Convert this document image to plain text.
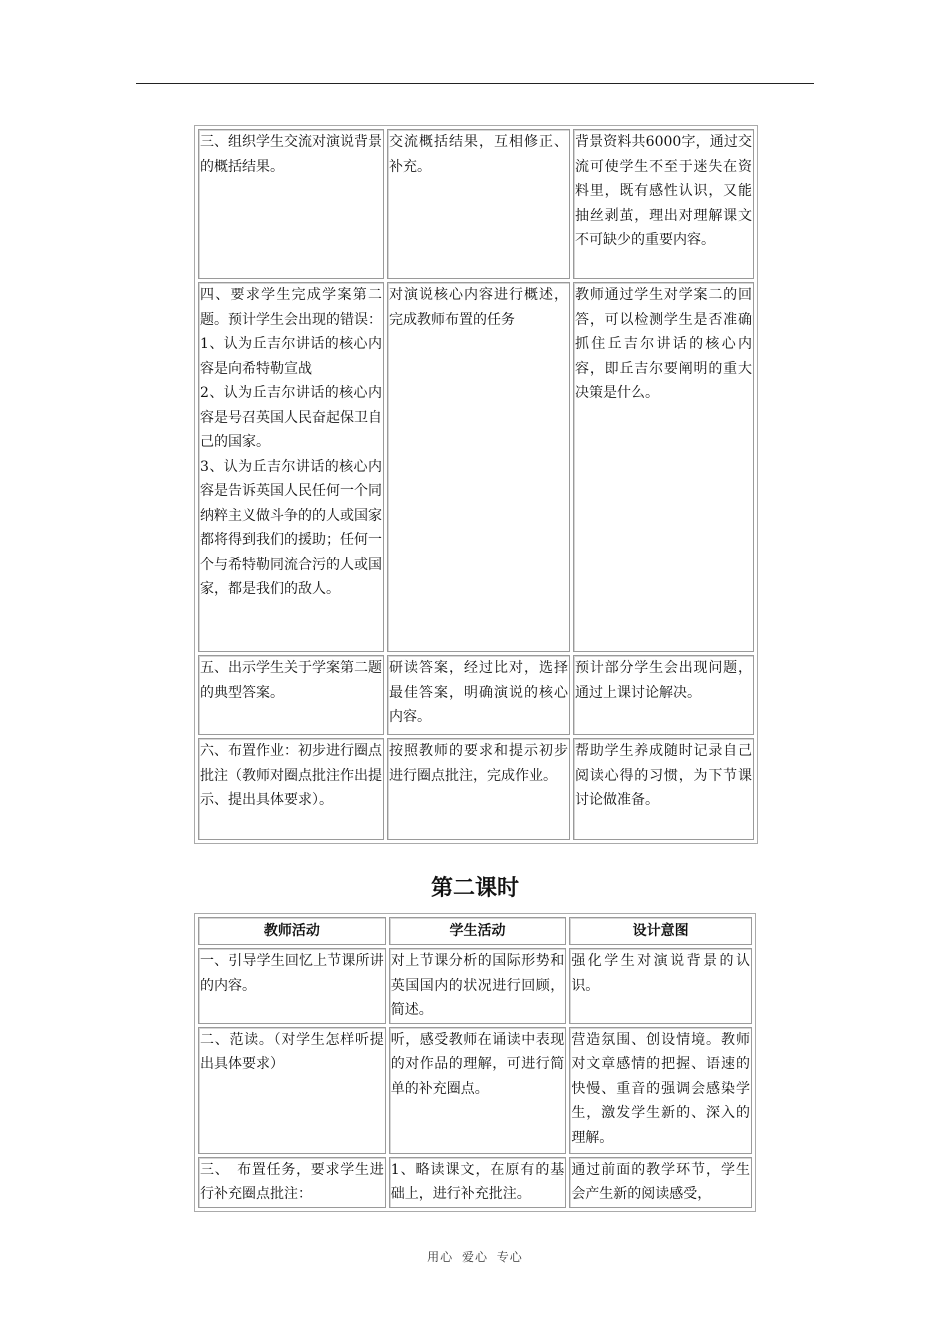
三、组织学生交流对演说背景的概括结果。	交流概括结果，互相修正、补充。	背景资料共6000字，通过交流可使学生不至于迷失在资料里，既有感性认识，又能抽丝剥茧，理出对理解课文不可缺少的重要内容。

四、要求学生完成学案第二题。预计学生会出现的错误：
1、认为丘吉尔讲话的核心内容是向希特勒宣战
2、认为丘吉尔讲话的核心内容是号召英国人民奋起保卫自己的国家。
3、认为丘吉尔讲话的核心内容是告诉英国人民任何一个同纳粹主义做斗争的的人或国家都将得到我们的援助；任何一个与希特勒同流合污的人或国家，都是我们的敌人。	对演说核心内容进行概述，完成教师布置的任务	教师通过学生对学案二的回答，可以检测学生是否准确抓住丘吉尔讲话的核心内容，即丘吉尔要阐明的重大决策是什么。
五、出示学生关于学案第二题的典型答案。	研读答案，经过比对，选择最佳答案，明确演说的核心内容。	预计部分学生会出现问题，通过上课讨论解决。
六、布置作业：初步进行圈点批注（教师对圈点批注作出提示、提出具体要求）。	按照教师的要求和提示初步进行圈点批注，完成作业。	帮助学生养成随时记录自己阅读心得的习惯，为下节课讨论做准备。
第二课时
教师活动	学生活动	设计意图
一、引导学生回忆上节课所讲的内容。	对上节课分析的国际形势和英国国内的状况进行回顾，简述。	强化学生对演说背景的认识。
二、范读。（对学生怎样听提出具体要求）	听，感受教师在诵读中表现的对作品的理解，可进行简单的补充圈点。	营造氛围、创设情境。教师对文章感情的把握、语速的快慢、重音的强调会感染学生，激发学生新的、深入的理解。
三、　布置任务，要求学生进行补充圈点批注：	1、略读课文，在原有的基础上，进行补充批注。	通过前面的教学环节，学生会产生新的阅读感受，
用心 爱心 专心
